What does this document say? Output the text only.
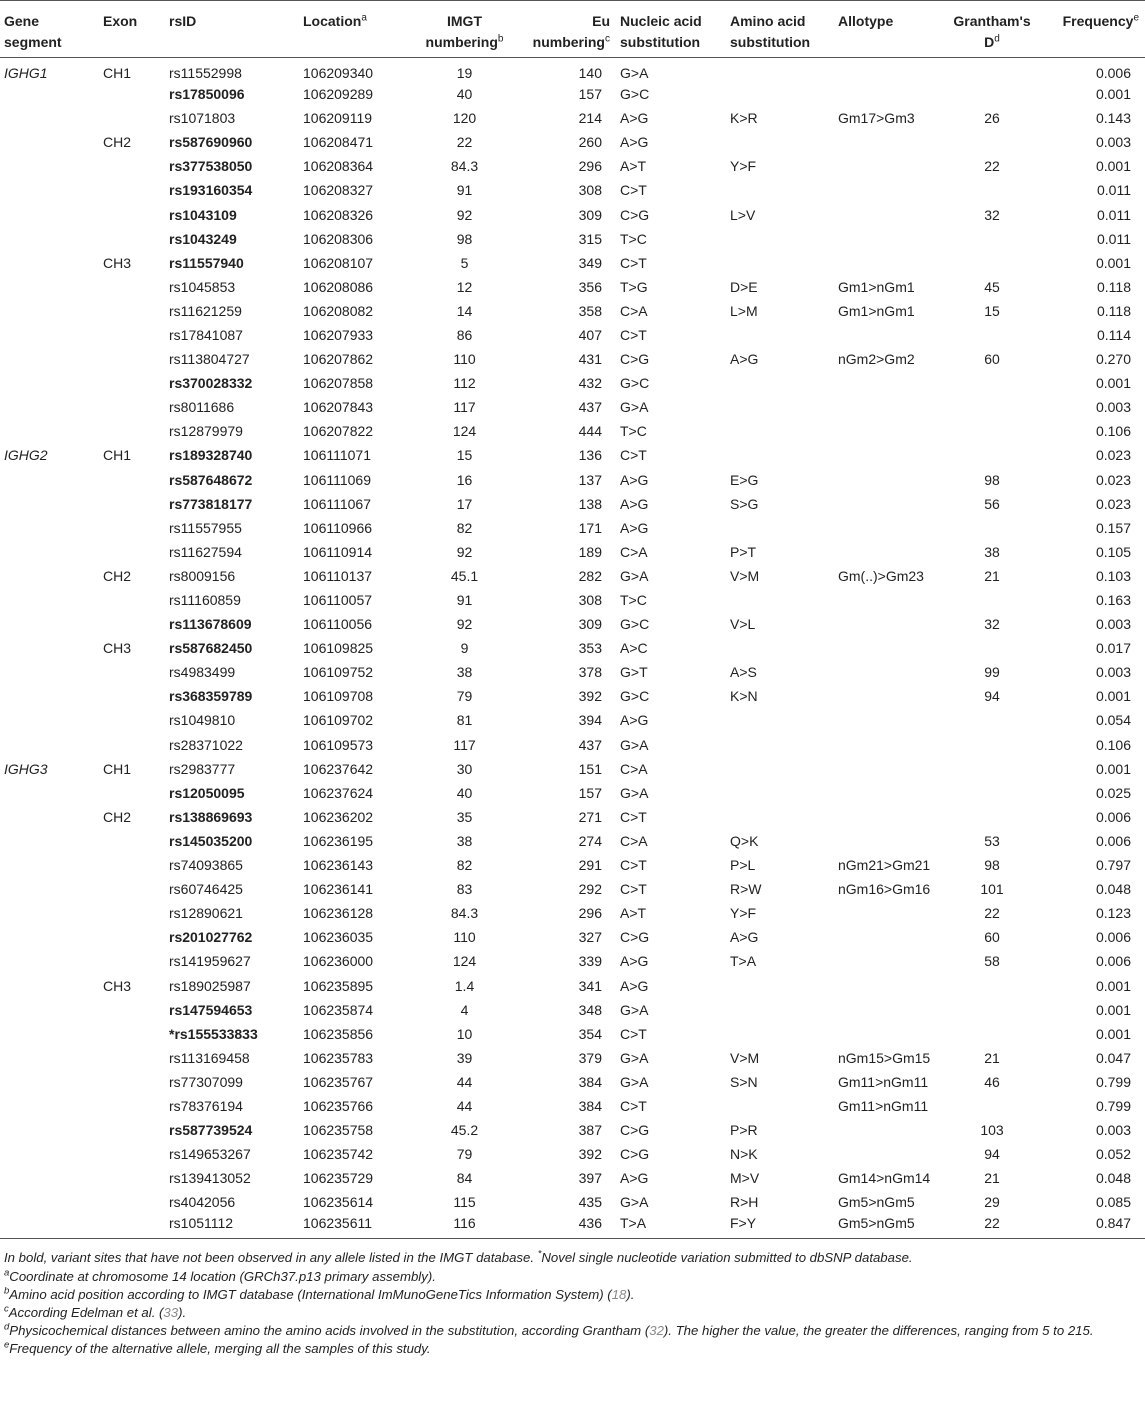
Gene segment	Exon	rsID	Location$^a$	IMGT numbering$^b$	Eu numbering$^c$	Nucleic acid substitution	Amino acid substitution	Allotype	Grantham's $D^d$	Frequency$^e$
IGHG1	CH1	rs11552998	106209340	19	140	G>A				0.006
		rs17850096	106209289	40	157	G>C				0.001
		rs1071803	106209119	120	214	A>G	K>R	Gm17>Gm3	26	0.143
	CH2	rs587690960	106208471	22	260	A>G				0.003
		rs377538050	106208364	84.3	296	A>T	Y>F		22	0.001
		rs193160354	106208327	91	308	C>T				0.011
		rs1043109	106208326	92	309	C>G	L>V		32	0.011
		rs1043249	106208306	98	315	T>C				0.011
	CH3	rs11557940	106208107	5	349	C>T				0.001
		rs1045853	106208086	12	356	T>G	D>E	Gm1>nGm1	45	0.118
		rs11621259	106208082	14	358	C>A	L>M	Gm1>nGm1	15	0.118
		rs17841087	106207933	86	407	C>T				0.114
		rs113804727	106207862	110	431	C>G	A>G	nGm2>Gm2	60	0.270
		rs370028332	106207858	112	432	G>C				0.001
		rs8011686	106207843	117	437	G>A				0.003
		rs12879979	106207822	124	444	T>C				0.106
IGHG2	CH1	rs189328740	106111071	15	136	C>T				0.023
		rs587648672	106111069	16	137	A>G	E>G		98	0.023
		rs773818177	106111067	17	138	A>G	S>G		56	0.023
		rs11557955	106110966	82	171	A>G				0.157
		rs11627594	106110914	92	189	C>A	P>T		38	0.105
	CH2	rs8009156	106110137	45.1	282	G>A	V>M	Gm(..)>Gm23	21	0.103
		rs11160859	106110057	91	308	T>C				0.163
		rs113678609	106110056	92	309	G>C	V>L		32	0.003
	CH3	rs587682450	106109825	9	353	A>C				0.017
		rs4983499	106109752	38	378	G>T	A>S		99	0.003
		rs368359789	106109708	79	392	G>C	K>N		94	0.001
		rs1049810	106109702	81	394	A>G				0.054
		rs28371022	106109573	117	437	G>A				0.106
IGHG3	CH1	rs2983777	106237642	30	151	C>A				0.001
		rs12050095	106237624	40	157	G>A				0.025
	CH2	rs138869693	106236202	35	271	C>T				0.006
		rs145035200	106236195	38	274	C>A	Q>K		53	0.006
		rs74093865	106236143	82	291	C>T	P>L	nGm21>Gm21	98	0.797
		rs60746425	106236141	83	292	C>T	R>W	nGm16>Gm16	101	0.048
		rs12890621	106236128	84.3	296	A>T	Y>F		22	0.123
		rs201027762	106236035	110	327	C>G	A>G		60	0.006
		rs141959627	106236000	124	339	A>G	T>A		58	0.006
	CH3	rs189025987	106235895	1.4	341	A>G				0.001
		rs147594653	106235874	4	348	G>A				0.001
		*rs155533833	106235856	10	354	C>T				0.001
		rs113169458	106235783	39	379	G>A	V>M	nGm15>Gm15	21	0.047
		rs77307099	106235767	44	384	G>A	S>N	Gm11>nGm11	46	0.799
		rs78376194	106235766	44	384	C>T		Gm11>nGm11		0.799
		rs587739524	106235758	45.2	387	C>G	P>R		103	0.003
		rs149653267	106235742	79	392	C>G	N>K		94	0.052
		rs139413052	106235729	84	397	A>G	M>V	Gm14>nGm14	21	0.048
		rs4042056	106235614	115	435	G>A	R>H	Gm5>nGm5	29	0.085
		rs1051112	106235611	116	436	T>A	F>Y	Gm5>nGm5	22	0.847

In bold, variant sites that have not been observed in any allele listed in the IMGT database. *Novel single nucleotide variation submitted to dbSNP database.

$^a$Coordinate at chromosome 14 location (GRCh37.p13 primary assembly).

$^b$Amino acid position according to IMGT database (International ImMunoGeneTics Information System) (18).

$^c$According Edelman et al. (33).

$^d$Physicochemical distances between amino the amino acids involved in the substitution, according Grantham (32). The higher the value, the greater the differences, ranging from 5 to 215.

$^e$Frequency of the alternative allele, merging all the samples of this study.
